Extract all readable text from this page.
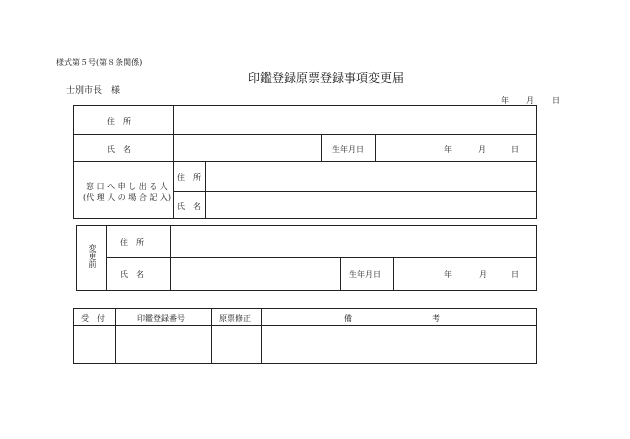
様式第５号(第８条関係)
印鑑登録原票登録事項変更届
士別市長　様
年 月 日
住　所
氏　名	生年月日	年	月	日
窓 口 へ 申 し 出 る 人
(代 理 人 の 場 合 記 入)
住　所
氏　名
変更前
住　所
氏　名	生年月日	年	月	日
受　付	印鑑登録番号	原票修正	備　　　　　　　　　　考
